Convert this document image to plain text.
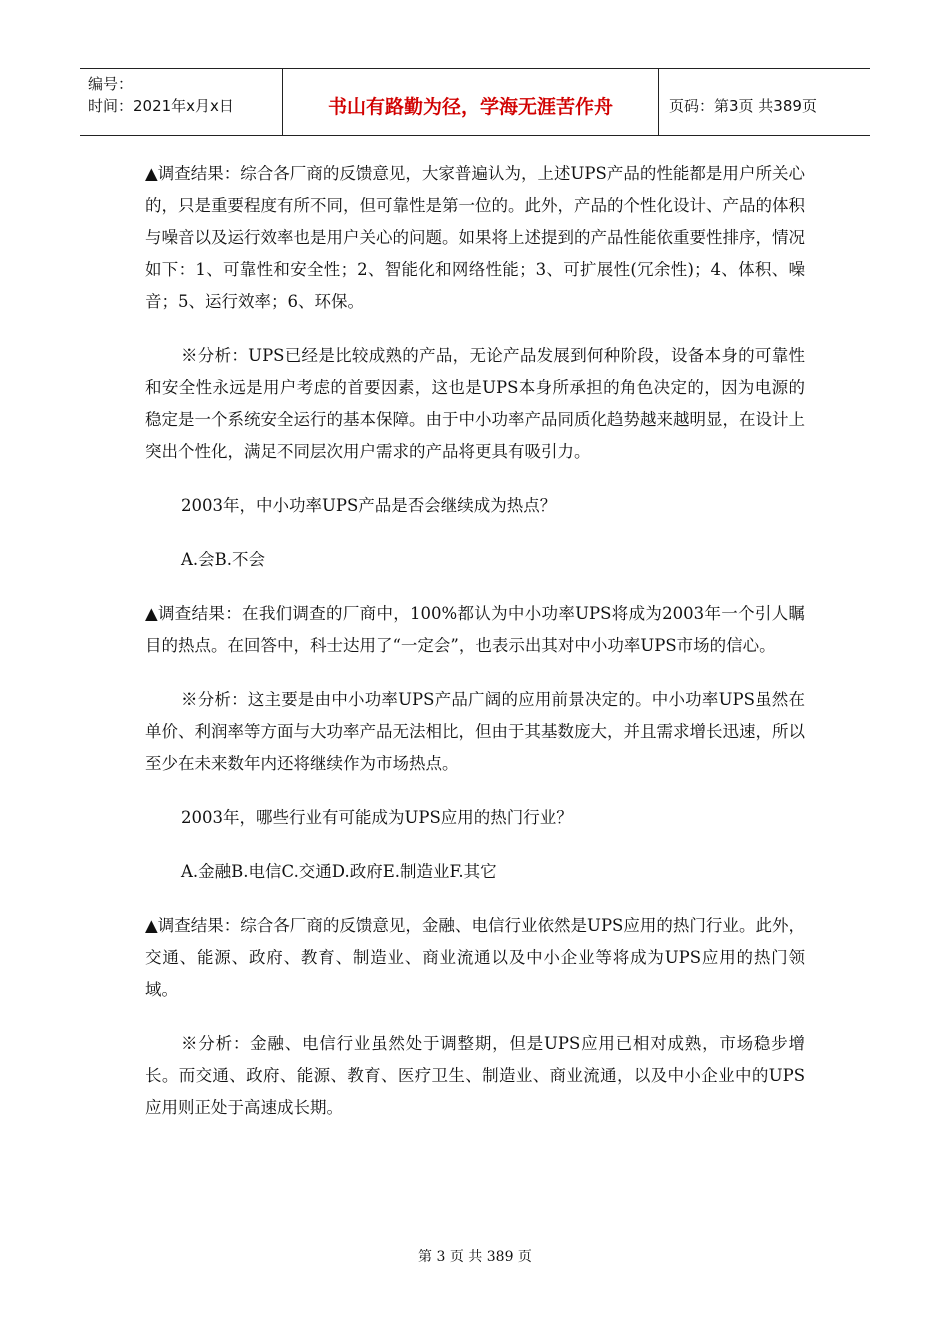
编号：
时间：2021年x月x日	书山有路勤为径，学海无涯苦作舟	页码：第3页 共389页

▲调查结果：综合各厂商的反馈意见，大家普遍认为，上述UPS产品的性能都是用户所关心的，只是重要程度有所不同，但可靠性是第一位的。此外，产品的个性化设计、产品的体积与噪音以及运行效率也是用户关心的问题。如果将上述提到的产品性能依重要性排序，情况如下：1、可靠性和安全性；2、智能化和网络性能；3、可扩展性(冗余性)；4、体积、噪音；5、运行效率；6、环保。

※分析：UPS已经是比较成熟的产品，无论产品发展到何种阶段，设备本身的可靠性和安全性永远是用户考虑的首要因素，这也是UPS本身所承担的角色决定的，因为电源的稳定是一个系统安全运行的基本保障。由于中小功率产品同质化趋势越来越明显，在设计上突出个性化，满足不同层次用户需求的产品将更具有吸引力。

2003年，中小功率UPS产品是否会继续成为热点？

A.会B.不会

▲调查结果：在我们调查的厂商中，100%都认为中小功率UPS将成为2003年一个引人瞩目的热点。在回答中，科士达用了“一定会”，也表示出其对中小功率UPS市场的信心。

※分析：这主要是由中小功率UPS产品广阔的应用前景决定的。中小功率UPS虽然在单价、利润率等方面与大功率产品无法相比，但由于其基数庞大，并且需求增长迅速，所以至少在未来数年内还将继续作为市场热点。

2003年，哪些行业有可能成为UPS应用的热门行业？

A.金融B.电信C.交通D.政府E.制造业F.其它

▲调查结果：综合各厂商的反馈意见，金融、电信行业依然是UPS应用的热门行业。此外，交通、能源、政府、教育、制造业、商业流通以及中小企业等将成为UPS应用的热门领域。

※分析：金融、电信行业虽然处于调整期，但是UPS应用已相对成熟，市场稳步增长。而交通、政府、能源、教育、医疗卫生、制造业、商业流通，以及中小企业中的UPS应用则正处于高速成长期。

第 3 页 共 389 页
